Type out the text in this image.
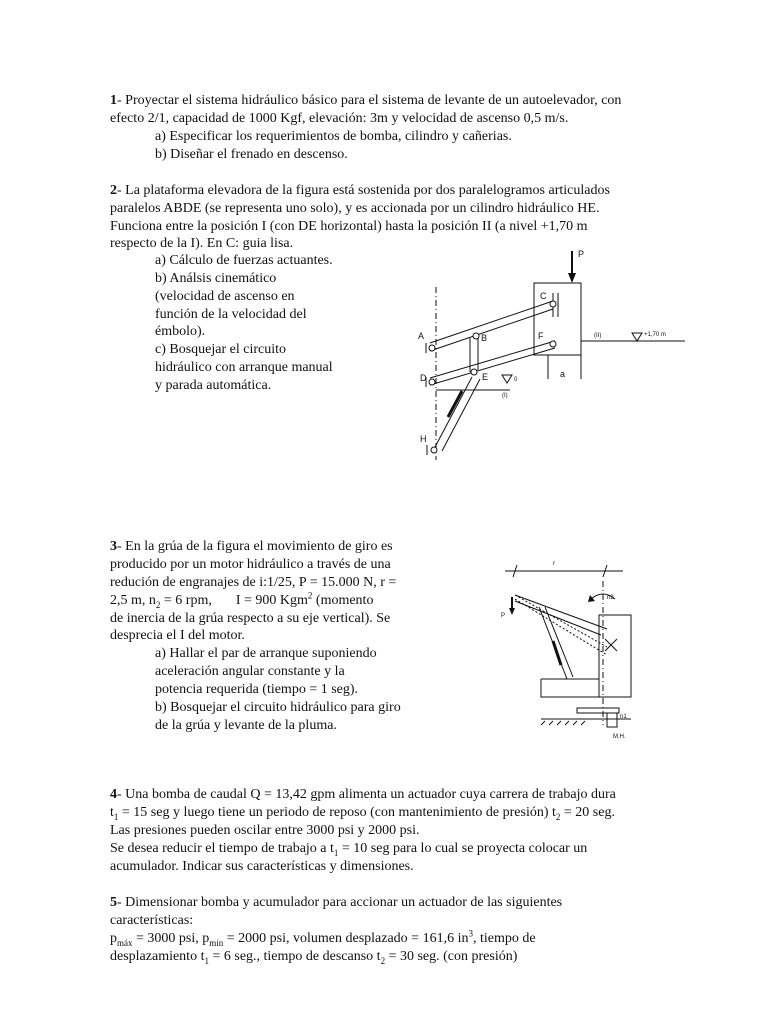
1- Proyectar el sistema hidráulico básico para el sistema de levante de un autoelevador, con
efecto 2/1, capacidad de 1000 Kgf, elevación: 3m y velocidad de ascenso 0,5 m/s.
a) Especificar los requerimientos de bomba, cilindro y cañerias.
b) Diseñar el frenado en descenso.
2- La plataforma elevadora de la figura está sostenida por dos paralelogramos articulados
paralelos ABDE (se representa uno solo), y es accionada por un cilindro hidráulico HE.
Funciona entre la posición I (con DE horizontal) hasta la posición II (a nivel +1,70 m
respecto de la I). En C: guia lisa.
a) Cálculo de fuerzas actuantes.
b) Análsis cinemático
(velocidad de ascenso en
función de la velocidad del
émbolo).
c) Bosquejar el circuito
hidráulico con arranque manual
y parada automática.
P
C
A	B	F
D	E
H
a
(II)
(I)
+1,70 m
0
3- En la grúa de la figura el movimiento de giro es
producido por un motor hidráulico a través de una
redución de engranajes de i:1/25, P = 15.000 N, r =
2,5 m, $n_2 = 6$ rpm, I = 900 Kgm$^2$ (momento
de inercia de la grúa respecto a su eje vertical). Se
desprecia el I del motor.
a) Hallar el par de arranque suponiendo
aceleración angular constante y la
potencia requerida (tiempo = 1 seg).
b) Bosquejar el circuito hidráulico para giro
de la grúa y levante de la pluma.
r
n2
P
n1
M.H.
4- Una bomba de caudal Q = 13,42 gpm alimenta un actuador cuya carrera de trabajo dura
$t_1 = 15$ seg y luego tiene un periodo de reposo (con mantenimiento de presión) $t_2 = 20$ seg.
Las presiones pueden oscilar entre 3000 psi y 2000 psi.
Se desea reducir el tiempo de trabajo a $t_1 = 10$ seg para lo cual se proyecta colocar un
acumulador. Indicar sus características y dimensiones.
5- Dimensionar bomba y acumulador para accionar un actuador de las siguientes
características:
$p_{máx} = 3000$ psi, $p_{mín} = 2000$ psi, volumen desplazado = 161,6 $in^3$, tiempo de
desplazamiento $t_1 = 6$ seg., tiempo de descanso $t_2 = 30$ seg. (con presión)
